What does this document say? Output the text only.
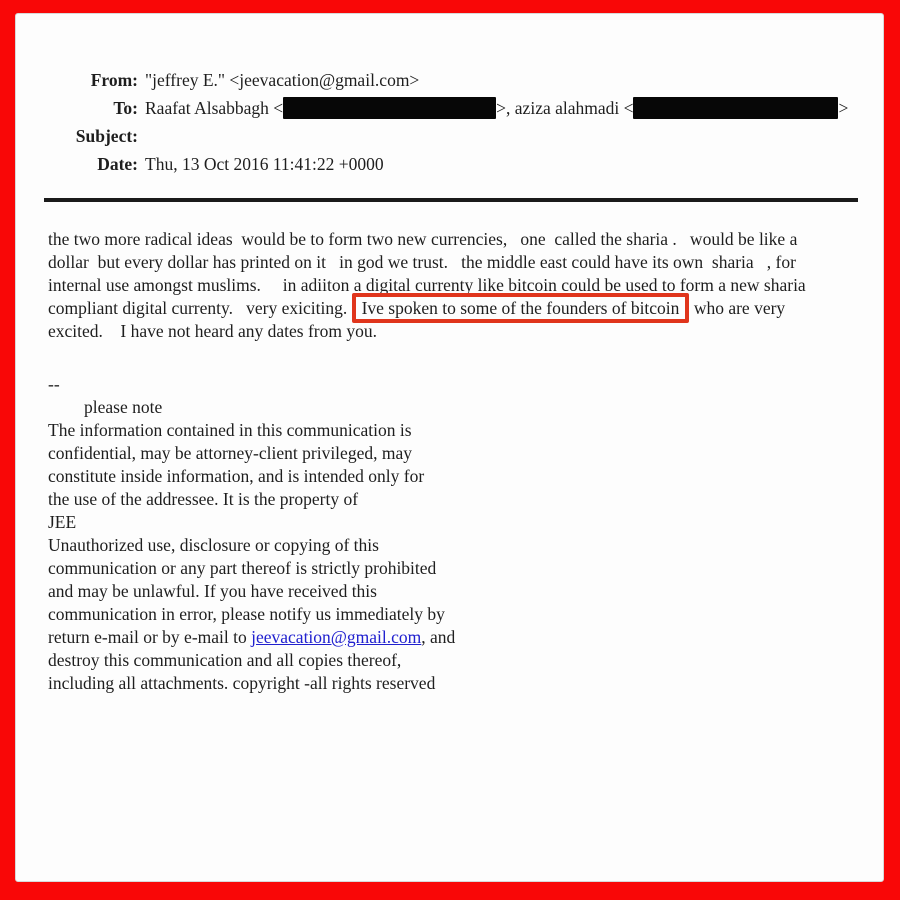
From: "jeffrey E." <jeevacation@gmail.com>
To: Raafat Alsabbagh <	>, aziza alahmadi <	>
Subject:
Date: Thu, 13 Oct 2016 11:41:22 +0000
the two more radical ideas  would be to form two new currencies,   one  called the sharia .   would be like a
dollar  but every dollar has printed on it   in god we trust.   the middle east could have its own  sharia   , for
internal use amongst muslims.     in adiiton a digital currenty like bitcoin could be used to form a new sharia
compliant digital currenty.   very exiciting. Ive spoken to some of the founders of bitcoin who are very
excited.    I have not heard any dates from you.
--
please note
The information contained in this communication is
confidential, may be attorney-client privileged, may
constitute inside information, and is intended only for
the use of the addressee. It is the property of
JEE
Unauthorized use, disclosure or copying of this
communication or any part thereof is strictly prohibited
and may be unlawful. If you have received this
communication in error, please notify us immediately by
return e-mail or by e-mail to jeevacation@gmail.com, and
destroy this communication and all copies thereof,
including all attachments. copyright -all rights reserved
